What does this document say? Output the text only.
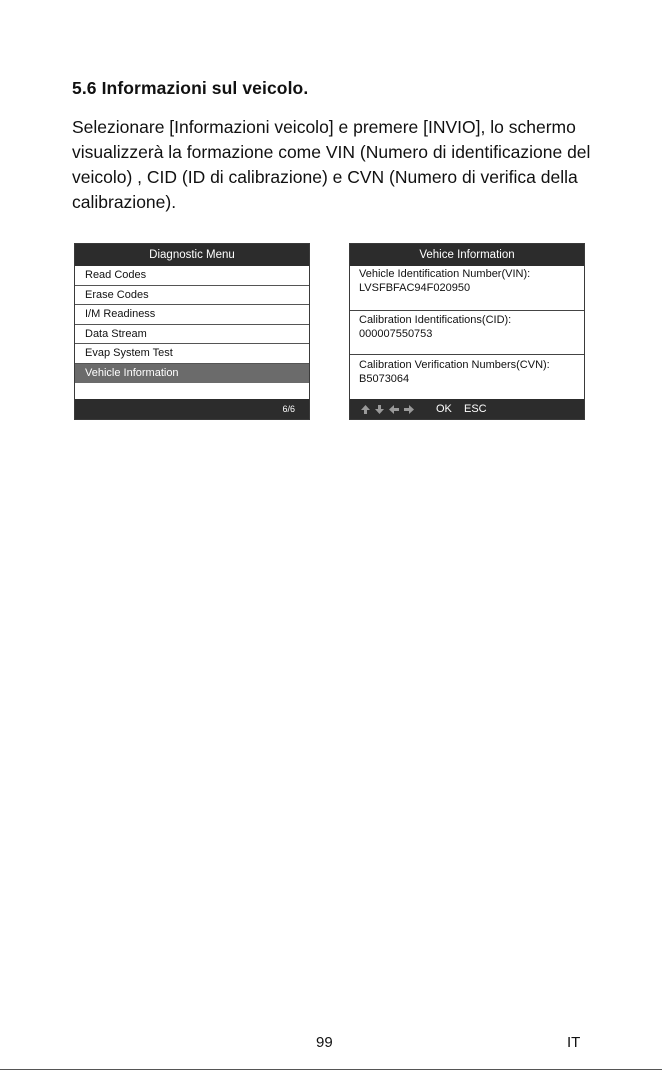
5.6 Informazioni sul veicolo.

Selezionare [Informazioni veicolo] e premere [INVIO], lo schermo visualizzerà la formazione come VIN (Numero di identificazione del veicolo) , CID (ID di calibrazione) e CVN (Numero di verifica della calibrazione).

Diagnostic Menu
Read Codes
Erase Codes
I/M Readiness
Data Stream
Evap System Test
Vehicle Information
6/6
Vehice Information
Vehicle Identification Number(VIN):
LVSFBFAC94F020950
Calibration Identifications(CID):
000007550753
Calibration Verification Numbers(CVN):
B5073064
OK ESC
99	IT
